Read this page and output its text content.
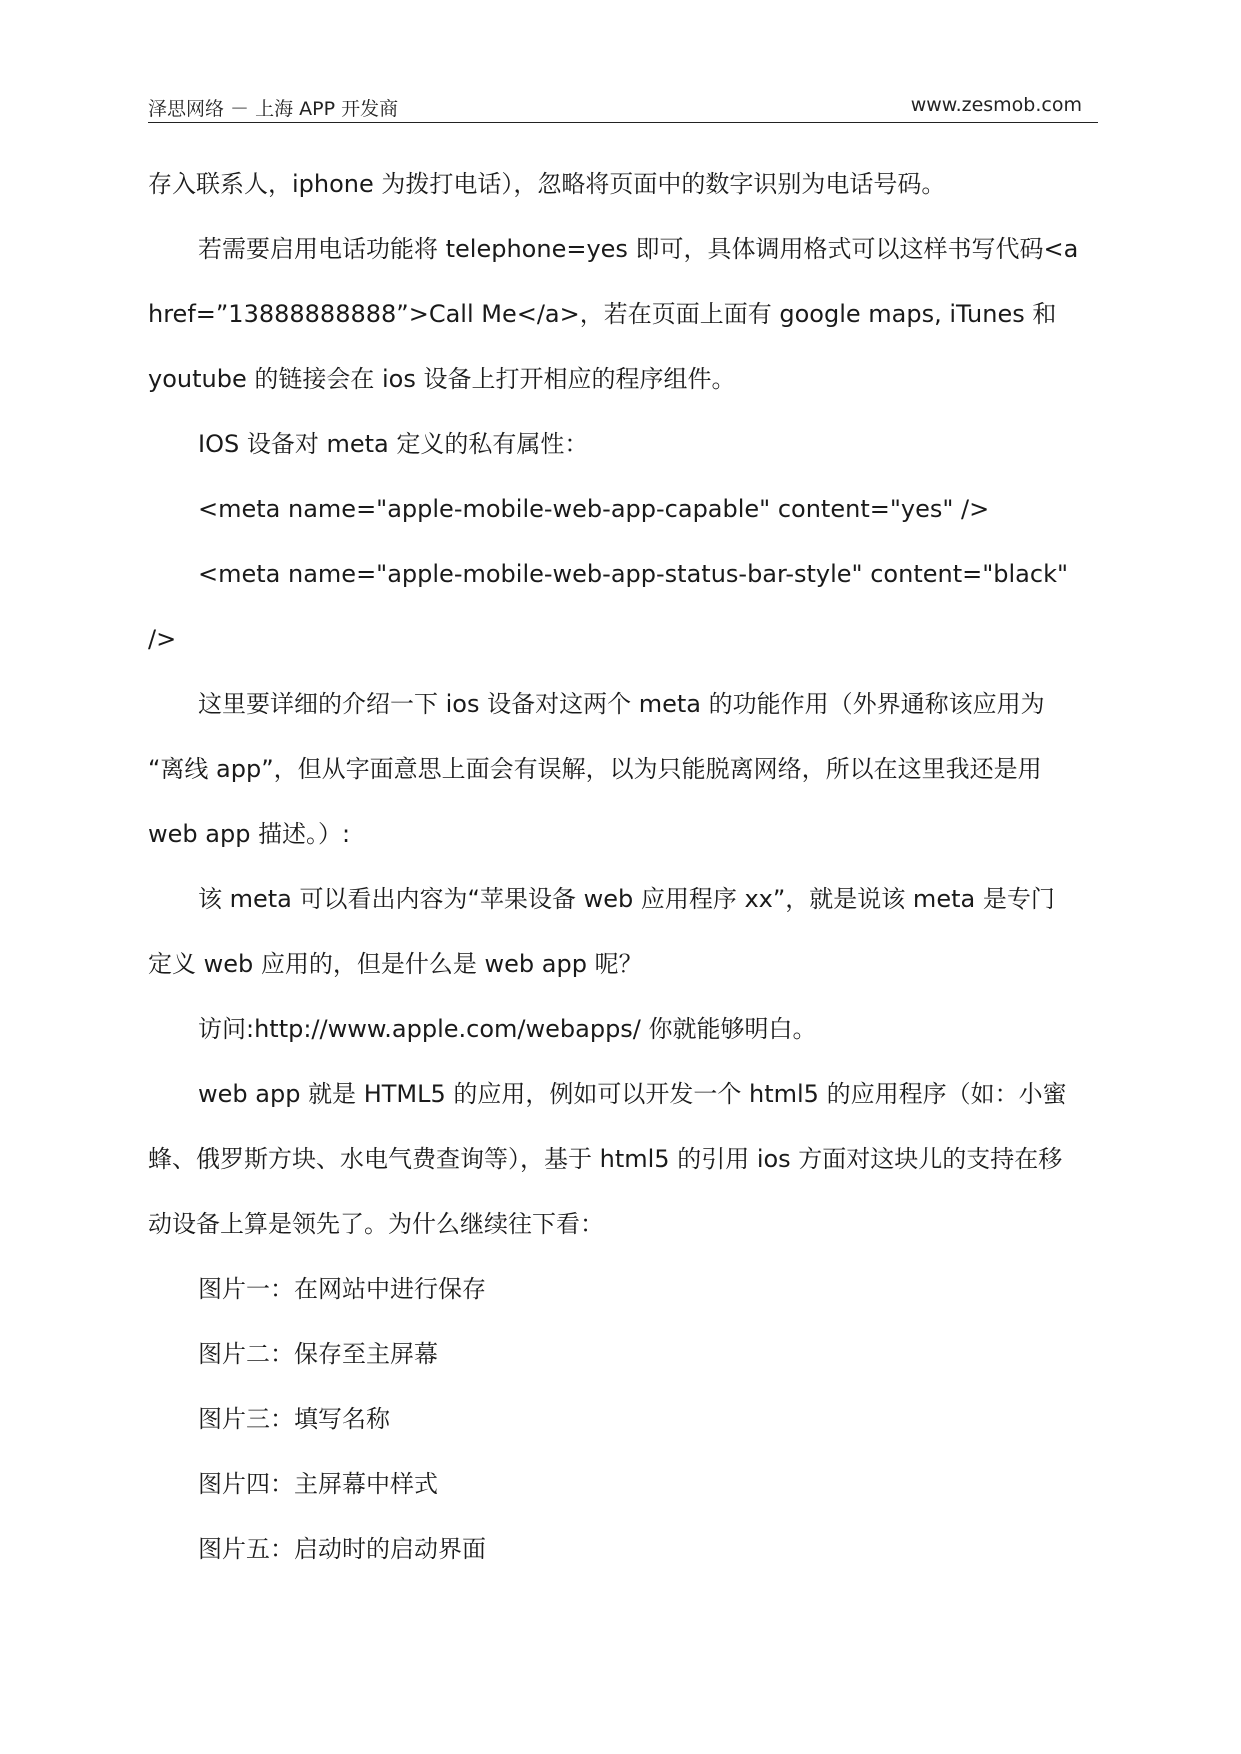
泽思网络 － 上海 APP 开发商	www.zesmob.com

存入联系人，iphone 为拨打电话），忽略将页面中的数字识别为电话号码。

若需要启用电话功能将 telephone=yes 即可，具体调用格式可以这样书写代码<a

href=”13888888888”>Call Me</a>，若在页面上面有 google maps, iTunes 和

youtube 的链接会在 ios 设备上打开相应的程序组件。

IOS 设备对 meta 定义的私有属性：

<meta name="apple-mobile-web-app-capable" content="yes" />

<meta name="apple-mobile-web-app-status-bar-style" content="black"

/>

这里要详细的介绍一下 ios 设备对这两个 meta 的功能作用（外界通称该应用为

“离线 app”，但从字面意思上面会有误解，以为只能脱离网络，所以在这里我还是用

web app 描述。）:

该 meta 可以看出内容为“苹果设备 web 应用程序 xx”，就是说该 meta 是专门

定义 web 应用的，但是什么是 web app 呢？

访问:http://www.apple.com/webapps/ 你就能够明白。

web app 就是 HTML5 的应用，例如可以开发一个 html5 的应用程序（如：小蜜

蜂、俄罗斯方块、水电气费查询等），基于 html5 的引用 ios 方面对这块儿的支持在移

动设备上算是领先了。为什么继续往下看：

图片一：在网站中进行保存

图片二：保存至主屏幕

图片三：填写名称

图片四：主屏幕中样式

图片五：启动时的启动界面
